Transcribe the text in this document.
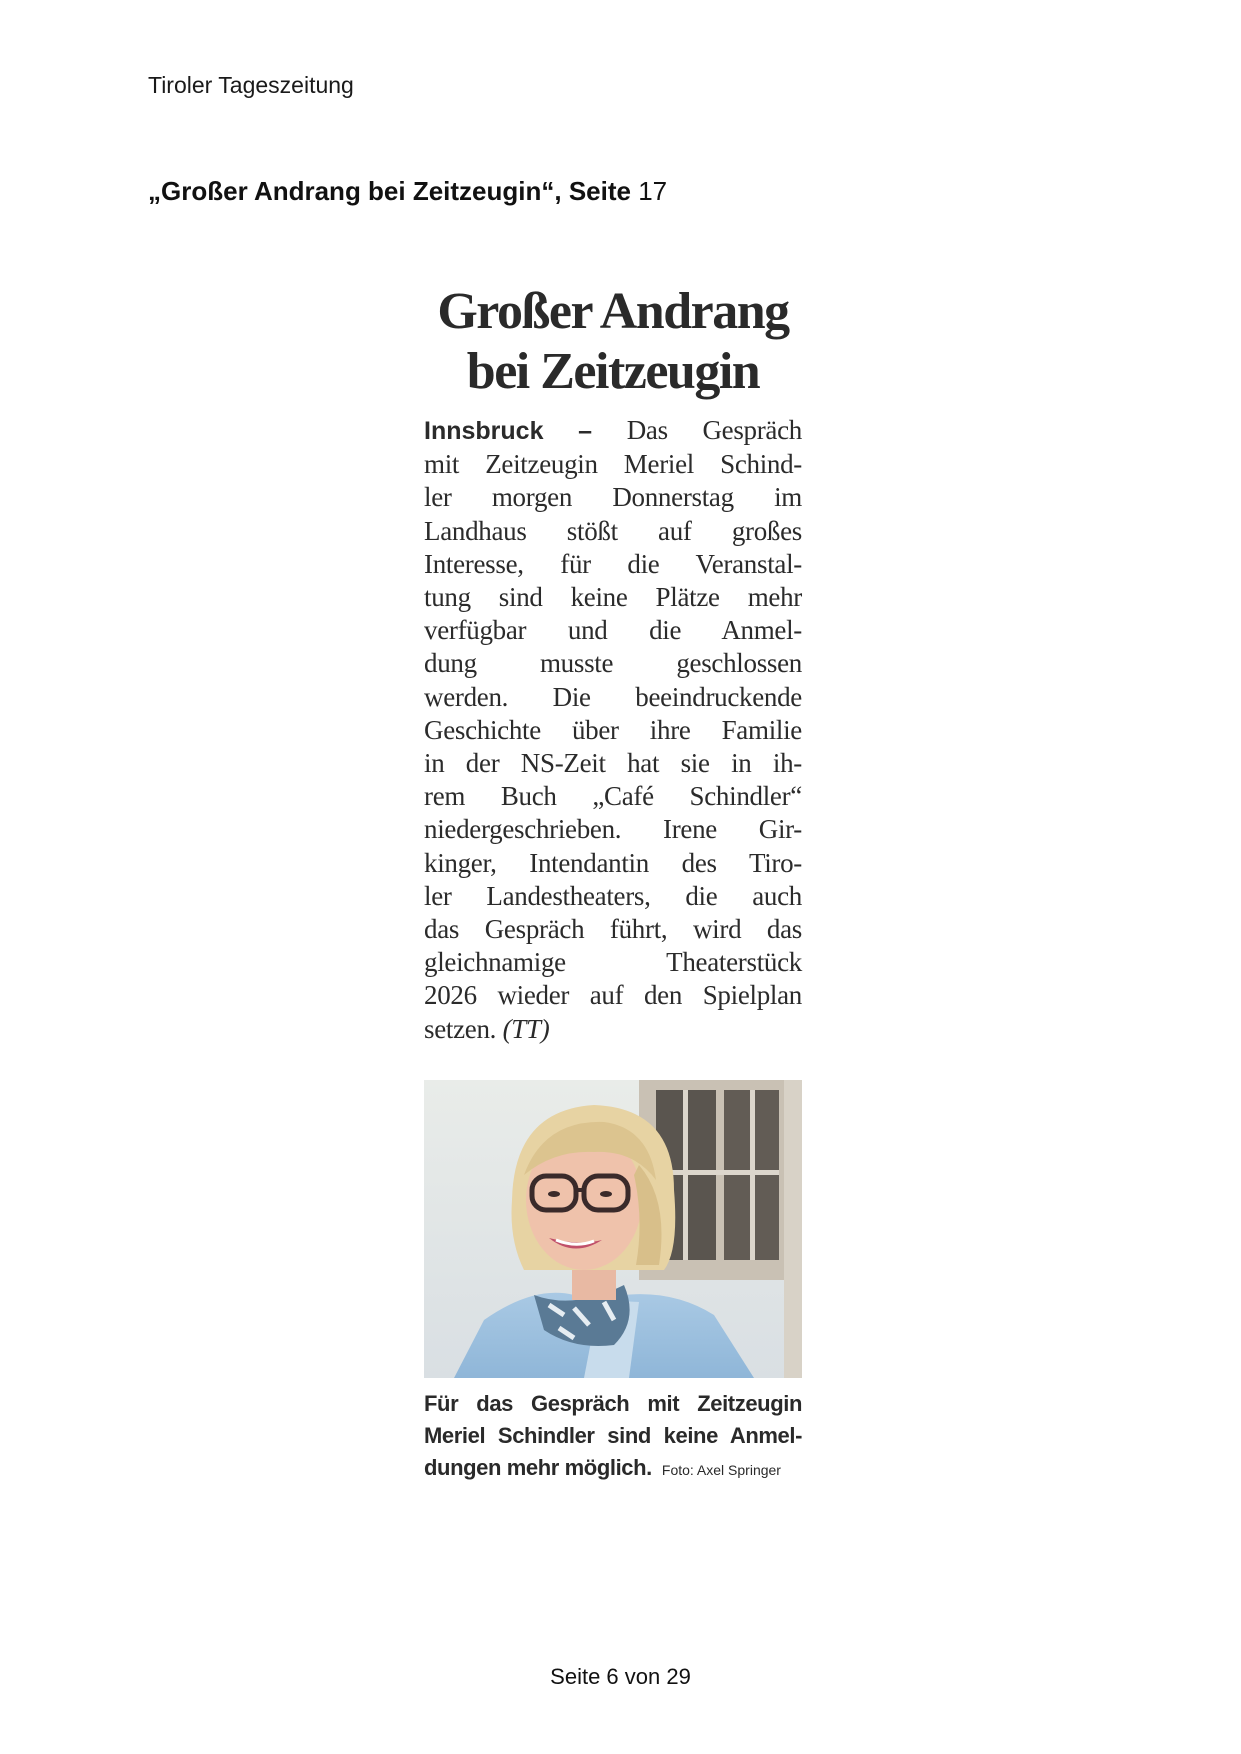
Tiroler Tageszeitung
„Großer Andrang bei Zeitzeugin“, Seite 17
Großer Andrang
bei Zeitzeugin
Innsbruck – Das Gespräch
mit Zeitzeugin Meriel Schind-
ler morgen Donnerstag im
Landhaus stößt auf großes
Interesse, für die Veranstal-
tung sind keine Plätze mehr
verfügbar und die Anmel-
dung musste geschlossen
werden. Die beeindruckende
Geschichte über ihre Familie
in der NS-Zeit hat sie in ih-
rem Buch „Café Schindler“
niedergeschrieben. Irene Gir-
kinger, Intendantin des Tiro-
ler Landestheaters, die auch
das Gespräch führt, wird das
gleichnamige Theaterstück
2026 wieder auf den Spielplan
setzen. (TT)
Für das Gespräch mit Zeitzeugin
Meriel Schindler sind keine Anmel-
dungen mehr möglich. Foto: Axel Springer
Seite 6 von 29
